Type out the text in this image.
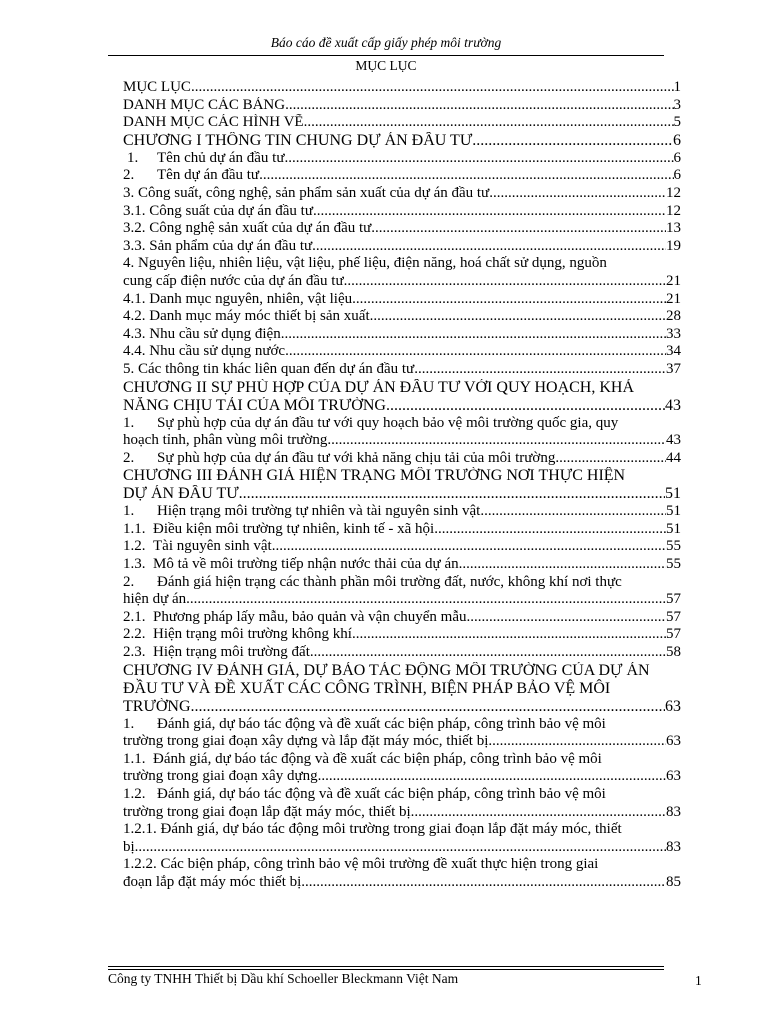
Báo cáo đề xuất cấp giấy phép môi trường
MỤC LỤC
MỤC LỤC .....	1
DANH MỤC CÁC BẢNG .....	3
DANH MỤC CÁC HÌNH VẼ .....	5
CHƯƠNG I THÔNG TIN CHUNG DỰ ÁN ĐẦU TƯ .....	6
1. Tên chủ dự án đầu tư .....	6
2. Tên dự án đầu tư .....	6
3. Công suất, công nghệ, sản phẩm sản xuất của dự án đầu tư .....	12
3.1. Công suất của dự án đầu tư .....	12
3.2. Công nghệ sản xuất của dự án đầu tư .....	13
3.3. Sản phẩm của dự án đầu tư .....	19
4. Nguyên liệu, nhiên liệu, vật liệu, phế liệu, điện năng, hoá chất sử dụng, nguồn
cung cấp điện nước của dự án đầu tư .....	21
4.1. Danh mục nguyên, nhiên, vật liệu .....	21
4.2. Danh mục máy móc thiết bị sản xuất .....	28
4.3. Nhu cầu sử dụng điện .....	33
4.4. Nhu cầu sử dụng nước .....	34
5. Các thông tin khác liên quan đến dự án đầu tư .....	37
CHƯƠNG II SỰ PHÙ HỢP CỦA DỰ ÁN ĐẦU TƯ VỚI QUY HOẠCH, KHẢ
NĂNG CHỊU TẢI CỦA MÔI TRƯỜNG .....	43
1. Sự phù hợp của dự án đầu tư với quy hoạch bảo vệ môi trường quốc gia, quy
hoạch tỉnh, phân vùng môi trường .....	43
2. Sự phù hợp của dự án đầu tư với khả năng chịu tải của môi trường .....	44
CHƯƠNG III ĐÁNH GIÁ HIỆN TRẠNG MÔI TRƯỜNG NƠI THỰC HIỆN
DỰ ÁN ĐẦU TƯ .....	51
1. Hiện trạng môi trường tự nhiên và tài nguyên sinh vật .....	51
1.1. Điều kiện môi trường tự nhiên, kinh tế - xã hội .....	51
1.2. Tài nguyên sinh vật .....	55
1.3. Mô tả về môi trường tiếp nhận nước thải của dự án .....	55
2. Đánh giá hiện trạng các thành phần môi trường đất, nước, không khí nơi thực
hiện dự án .....	57
2.1. Phương pháp lấy mẫu, bảo quản và vận chuyển mẫu .....	57
2.2. Hiện trạng môi trường không khí .....	57
2.3. Hiện trạng môi trường đất .....	58
CHƯƠNG IV ĐÁNH GIÁ, DỰ BÁO TÁC ĐỘNG MÔI TRƯỜNG CỦA DỰ ÁN
ĐẦU TƯ VÀ ĐỀ XUẤT CÁC CÔNG TRÌNH, BIỆN PHÁP BẢO VỆ MÔI
TRƯỜNG .....	63
1. Đánh giá, dự báo tác động và đề xuất các biện pháp, công trình bảo vệ môi
trường trong giai đoạn xây dựng và lắp đặt máy móc, thiết bị .....	63
1.1. Đánh giá, dự báo tác động và đề xuất các biện pháp, công trình bảo vệ môi
trường trong giai đoạn xây dựng .....	63
1.2. Đánh giá, dự báo tác động và đề xuất các biện pháp, công trình bảo vệ môi
trường trong giai đoạn lắp đặt máy móc, thiết bị .....	83
1.2.1. Đánh giá, dự báo tác động môi trường trong giai đoạn lắp đặt máy móc, thiết
bị .....	83
1.2.2. Các biện pháp, công trình bảo vệ môi trường đề xuất thực hiện trong giai
đoạn lắp đặt máy móc thiết bị .....	85
Công ty TNHH Thiết bị Dầu khí Schoeller Bleckmann Việt Nam	1
